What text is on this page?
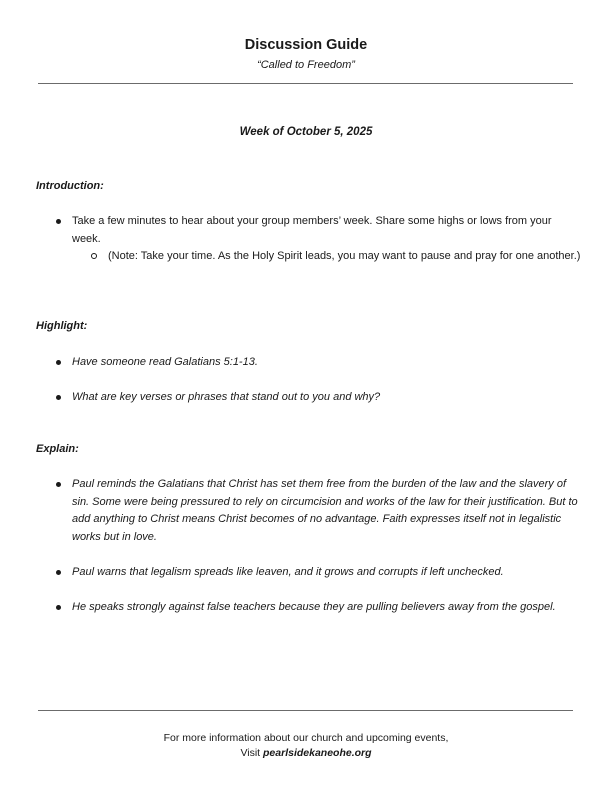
Discussion Guide

“Called to Freedom”

Week of October 5, 2025

Introduction:

Take a few minutes to hear about your group members’ week. Share some highs or lows from your week.
(Note: Take your time. As the Holy Spirit leads, you may want to pause and pray for one another.)

Highlight:

Have someone read Galatians 5:1-13.
What are key verses or phrases that stand out to you and why?

Explain:

Paul reminds the Galatians that Christ has set them free from the burden of the law and the slavery of sin. Some were being pressured to rely on circumcision and works of the law for their justification. But to add anything to Christ means Christ becomes of no advantage. Faith expresses itself not in legalistic works but in love.
Paul warns that legalism spreads like leaven, and it grows and corrupts if left unchecked.
He speaks strongly against false teachers because they are pulling believers away from the gospel.
For more information about our church and upcoming events,
Visit pearlsidekaneohe.org
